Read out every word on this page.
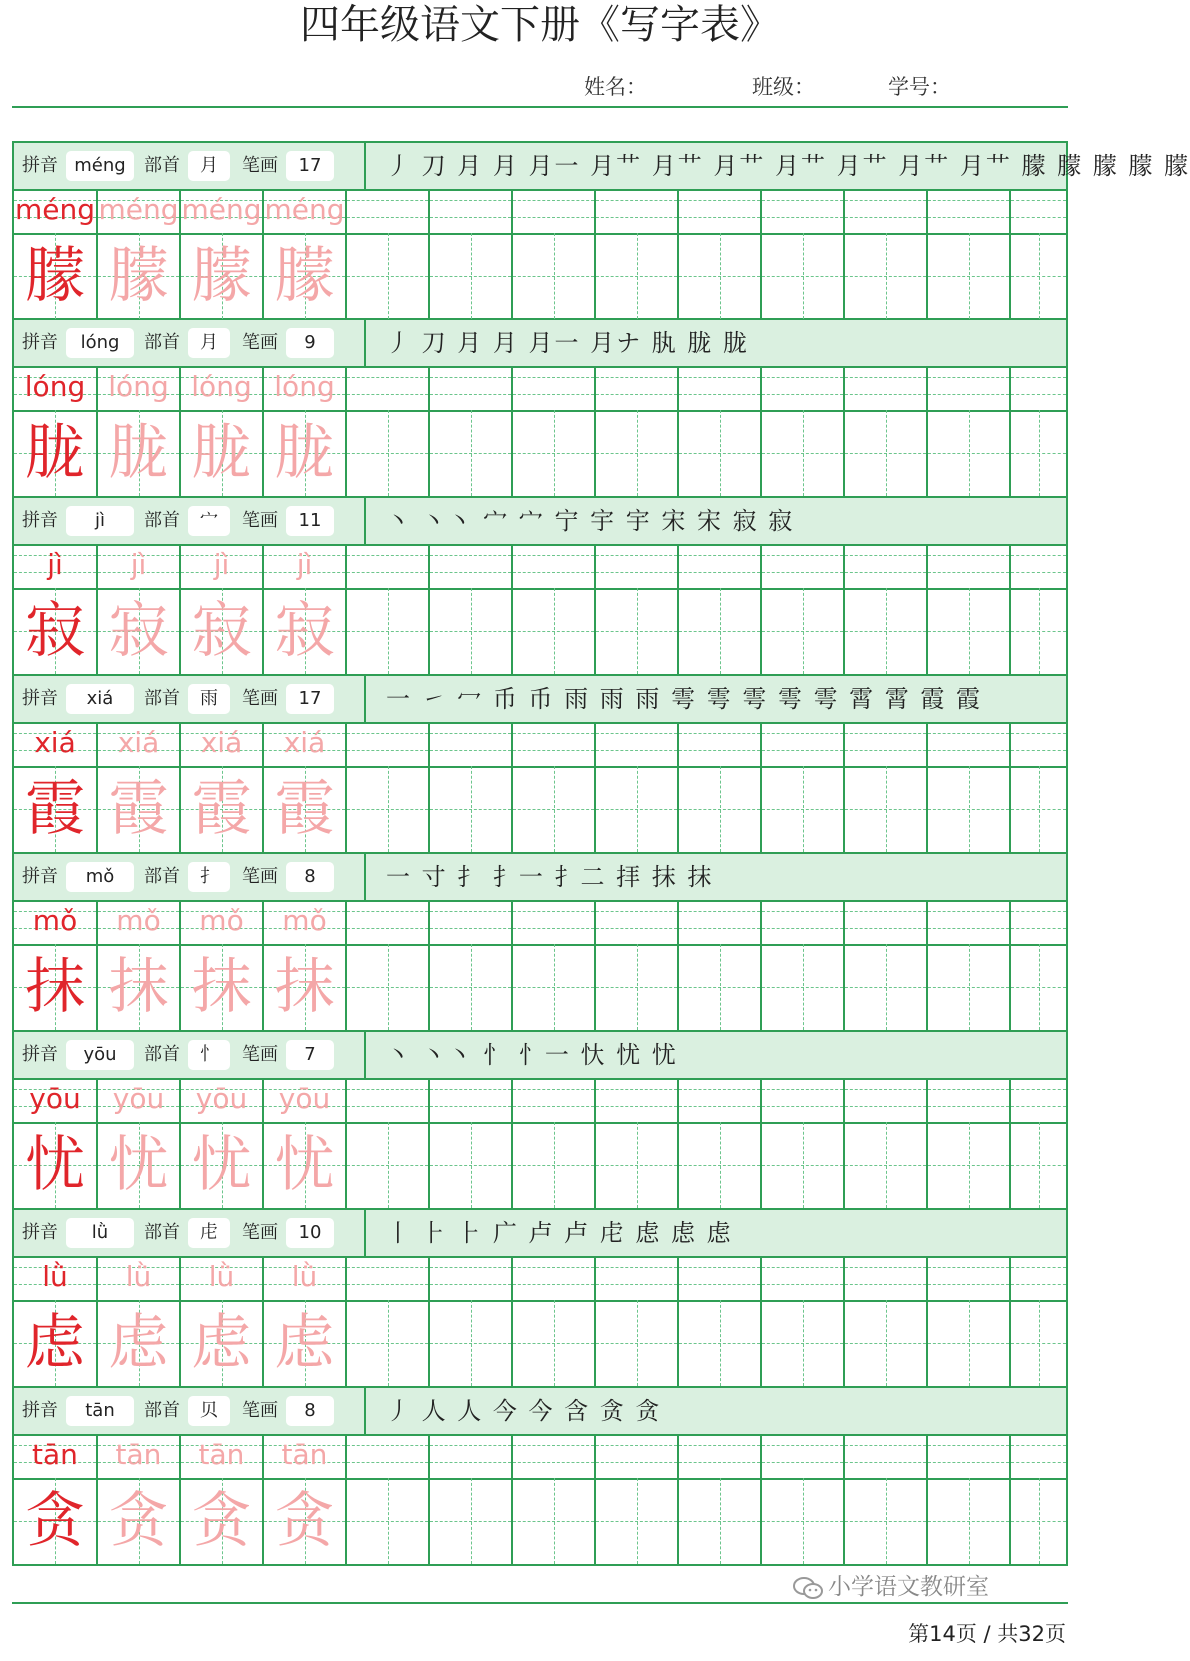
四年级语文下册《写字表》
姓名：	班级：	学号：
拼音 méng	部首	月	笔画	17	丿 刀 月 月 月一 月⺾ 月⺾ 月⺾ 月艹 月艹 月艹 月艹 朦 朦 朦 朦 朦
méng méng méng méng
朦 朦 朦 朦
拼音	lóng	部首	月	笔画	9	丿 刀 月 月 月一 月ナ 肒 胧 胧
lóng lóng lóng lóng
胧 胧 胧 胧
拼音	jì	部首	宀	笔画	11	丶 丶丶 宀 宀 宁 宇 宇 宋 宋 寂 寂
jì	jì	jì	jì
寂 寂 寂 寂
拼音	xiá	部首	雨	笔画	17	一 ㇀ 冖 币 币 雨 雨 雨 雩 雩 雩 雩 雩 霄 霄 霞 霞
xiá	xiá	xiá	xiá
霞 霞 霞 霞
拼音	mǒ	部首	扌	笔画	8	一 寸 扌 扌一 扌二 拝 抹 抹
mǒ	mǒ	mǒ	mǒ
抹 抹 抹 抹
拼音	yōu	部首	忄	笔画	7	丶 丶丶 忄 忄一 忕 忧 忧
yōu	yōu	yōu	yōu
忧 忧 忧 忧
拼音	lǜ	部首	虍	笔画	10	丨 ⺊ ⺊ 广 卢 卢 虍 虑 虑 虑
lǜ	lǜ	lǜ	lǜ
虑 虑 虑 虑
拼音	tān	部首	贝	笔画	8	丿 人 人 今 今 含 贪 贪
tān	tān	tān	tān
贪 贪 贪 贪
小学语文教研室
第14页 / 共32页
